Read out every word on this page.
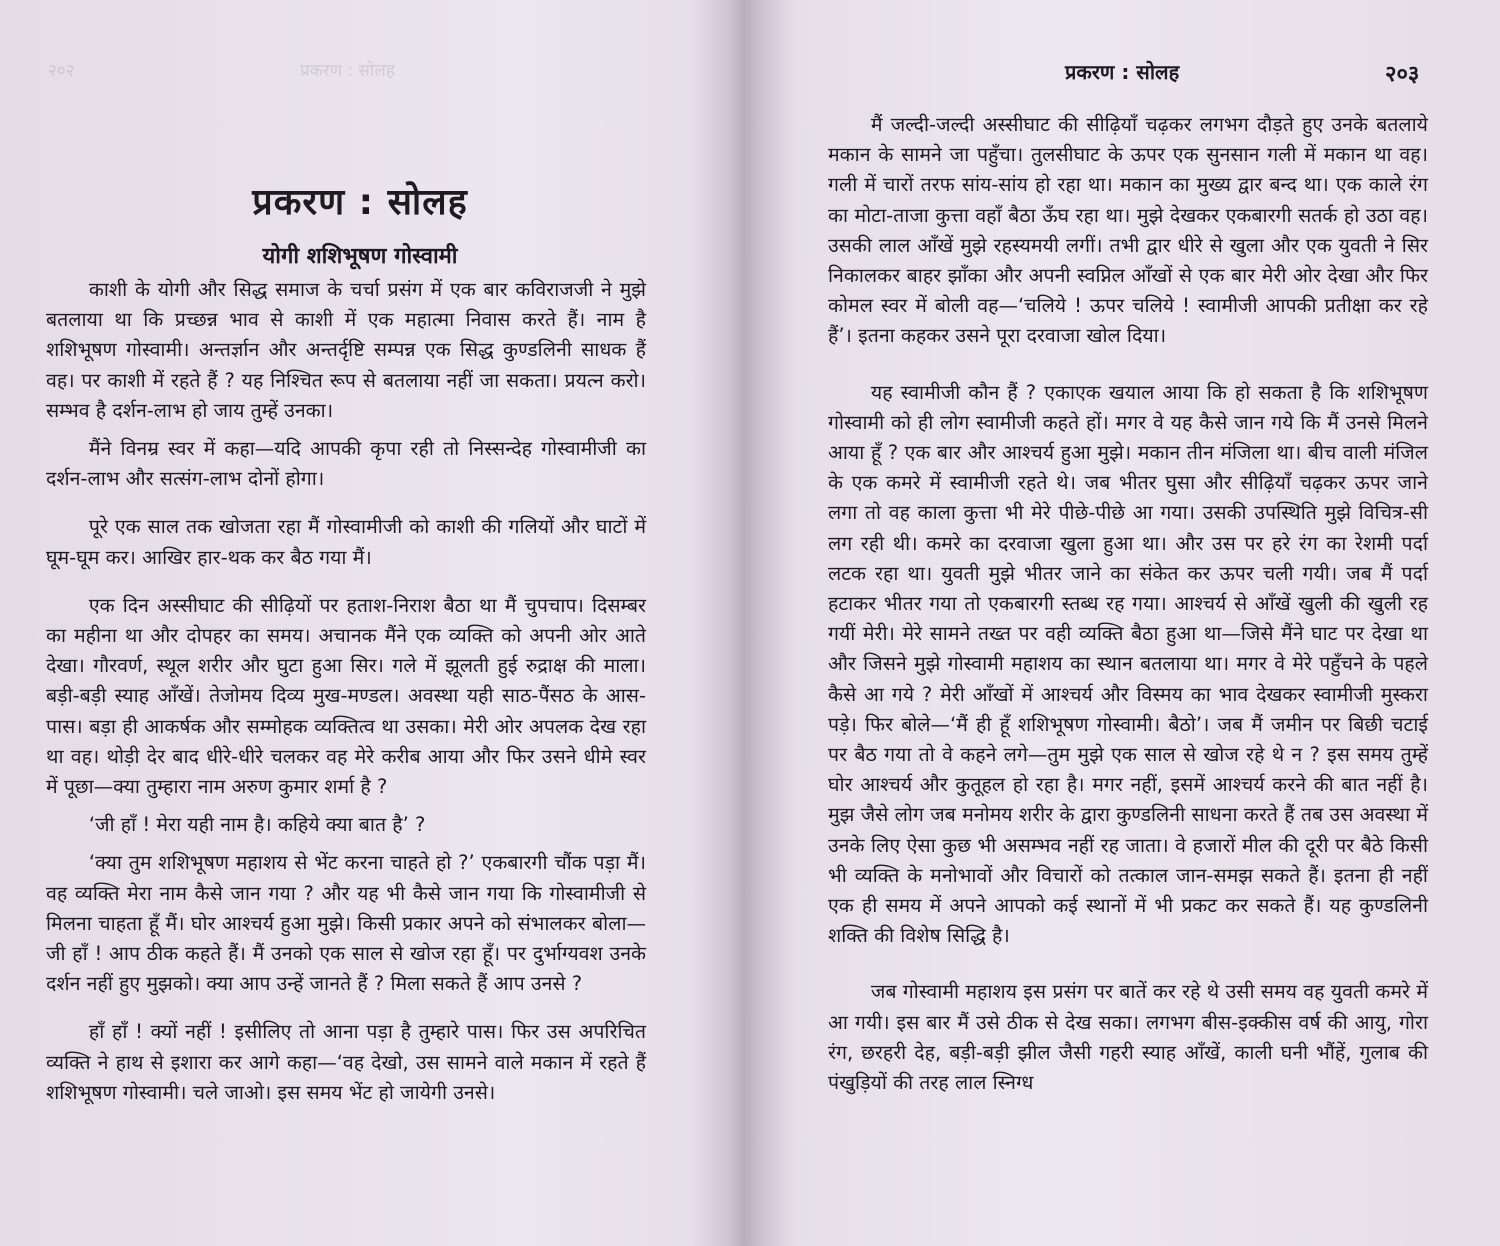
२०२	प्रकरण : सोलह
प्रकरण : सोलह
योगी शशिभूषण गोस्वामी

काशी के योगी और सिद्ध समाज के चर्चा प्रसंग में एक बार कविराजजी ने मुझे बतलाया था कि प्रच्छन्न भाव से काशी में एक महात्मा निवास करते हैं। नाम है शशिभूषण गोस्वामी। अन्तर्ज्ञान और अन्तर्दृष्टि सम्पन्न एक सिद्ध कुण्डलिनी साधक हैं वह। पर काशी में रहते हैं ? यह निश्चित रूप से बतलाया नहीं जा सकता। प्रयत्न करो। सम्भव है दर्शन-लाभ हो जाय तुम्हें उनका।

मैंने विनम्र स्वर में कहा—यदि आपकी कृपा रही तो निस्सन्देह गोस्वामीजी का दर्शन-लाभ और सत्संग-लाभ दोनों होगा।

पूरे एक साल तक खोजता रहा मैं गोस्वामीजी को काशी की गलियों और घाटों में घूम-घूम कर। आखिर हार-थक कर बैठ गया मैं।

एक दिन अस्सीघाट की सीढ़ियों पर हताश-निराश बैठा था मैं चुपचाप। दिसम्बर का महीना था और दोपहर का समय। अचानक मैंने एक व्यक्ति को अपनी ओर आते देखा। गौरवर्ण, स्थूल शरीर और घुटा हुआ सिर। गले में झूलती हुई रुद्राक्ष की माला। बड़ी-बड़ी स्याह आँखें। तेजोमय दिव्य मुख-मण्डल। अवस्था यही साठ-पैंसठ के आस-पास। बड़ा ही आकर्षक और सम्मोहक व्यक्तित्व था उसका। मेरी ओर अपलक देख रहा था वह। थोड़ी देर बाद धीरे-धीरे चलकर वह मेरे करीब आया और फिर उसने धीमे स्वर में पूछा—क्या तुम्हारा नाम अरुण कुमार शर्मा है ?

‘जी हाँ ! मेरा यही नाम है। कहिये क्या बात है’ ?

‘क्या तुम शशिभूषण महाशय से भेंट करना चाहते हो ?’ एकबारगी चौंक पड़ा मैं। वह व्यक्ति मेरा नाम कैसे जान गया ? और यह भी कैसे जान गया कि गोस्वामीजी से मिलना चाहता हूँ मैं। घोर आश्चर्य हुआ मुझे। किसी प्रकार अपने को संभालकर बोला—जी हाँ ! आप ठीक कहते हैं। मैं उनको एक साल से खोज रहा हूँ। पर दुर्भाग्यवश उनके दर्शन नहीं हुए मुझको। क्या आप उन्हें जानते हैं ? मिला सकते हैं आप उनसे ?

हाँ हाँ ! क्यों नहीं ! इसीलिए तो आना पड़ा है तुम्हारे पास। फिर उस अपरिचित व्यक्ति ने हाथ से इशारा कर आगे कहा—‘वह देखो, उस सामने वाले मकान में रहते हैं शशिभूषण गोस्वामी। चले जाओ। इस समय भेंट हो जायेगी उनसे।

प्रकरण : सोलह	२०३

मैं जल्दी-जल्दी अस्सीघाट की सीढ़ियाँ चढ़कर लगभग दौड़ते हुए उनके बतलाये मकान के सामने जा पहुँचा। तुलसीघाट के ऊपर एक सुनसान गली में मकान था वह। गली में चारों तरफ सांय-सांय हो रहा था। मकान का मुख्य द्वार बन्द था। एक काले रंग का मोटा-ताजा कुत्ता वहाँ बैठा ऊँघ रहा था। मुझे देखकर एकबारगी सतर्क हो उठा वह। उसकी लाल आँखें मुझे रहस्यमयी लगीं। तभी द्वार धीरे से खुला और एक युवती ने सिर निकालकर बाहर झाँका और अपनी स्वप्निल आँखों से एक बार मेरी ओर देखा और फिर कोमल स्वर में बोली वह—‘चलिये ! ऊपर चलिये ! स्वामीजी आपकी प्रतीक्षा कर रहे हैं’। इतना कहकर उसने पूरा दरवाजा खोल दिया।

यह स्वामीजी कौन हैं ? एकाएक खयाल आया कि हो सकता है कि शशिभूषण गोस्वामी को ही लोग स्वामीजी कहते हों। मगर वे यह कैसे जान गये कि मैं उनसे मिलने आया हूँ ? एक बार और आश्चर्य हुआ मुझे। मकान तीन मंजिला था। बीच वाली मंजिल के एक कमरे में स्वामीजी रहते थे। जब भीतर घुसा और सीढ़ियाँ चढ़कर ऊपर जाने लगा तो वह काला कुत्ता भी मेरे पीछे-पीछे आ गया। उसकी उपस्थिति मुझे विचित्र-सी लग रही थी। कमरे का दरवाजा खुला हुआ था। और उस पर हरे रंग का रेशमी पर्दा लटक रहा था। युवती मुझे भीतर जाने का संकेत कर ऊपर चली गयी। जब मैं पर्दा हटाकर भीतर गया तो एकबारगी स्तब्ध रह गया। आश्चर्य से आँखें खुली की खुली रह गयीं मेरी। मेरे सामने तख्त पर वही व्यक्ति बैठा हुआ था—जिसे मैंने घाट पर देखा था और जिसने मुझे गोस्वामी महाशय का स्थान बतलाया था। मगर वे मेरे पहुँचने के पहले कैसे आ गये ? मेरी आँखों में आश्चर्य और विस्मय का भाव देखकर स्वामीजी मुस्करा पड़े। फिर बोले—‘मैं ही हूँ शशिभूषण गोस्वामी। बैठो’। जब मैं जमीन पर बिछी चटाई पर बैठ गया तो वे कहने लगे—तुम मुझे एक साल से खोज रहे थे न ? इस समय तुम्हें घोर आश्चर्य और कुतूहल हो रहा है। मगर नहीं, इसमें आश्चर्य करने की बात नहीं है। मुझ जैसे लोग जब मनोमय शरीर के द्वारा कुण्डलिनी साधना करते हैं तब उस अवस्था में उनके लिए ऐसा कुछ भी असम्भव नहीं रह जाता। वे हजारों मील की दूरी पर बैठे किसी भी व्यक्ति के मनोभावों और विचारों को तत्काल जान-समझ सकते हैं। इतना ही नहीं एक ही समय में अपने आपको कई स्थानों में भी प्रकट कर सकते हैं। यह कुण्डलिनी शक्ति की विशेष सिद्धि है।

जब गोस्वामी महाशय इस प्रसंग पर बातें कर रहे थे उसी समय वह युवती कमरे में आ गयी। इस बार मैं उसे ठीक से देख सका। लगभग बीस-इक्कीस वर्ष की आयु, गोरा रंग, छरहरी देह, बड़ी-बड़ी झील जैसी गहरी स्याह आँखें, काली घनी भौंहें, गुलाब की पंखुड़ियों की तरह लाल स्निग्ध
